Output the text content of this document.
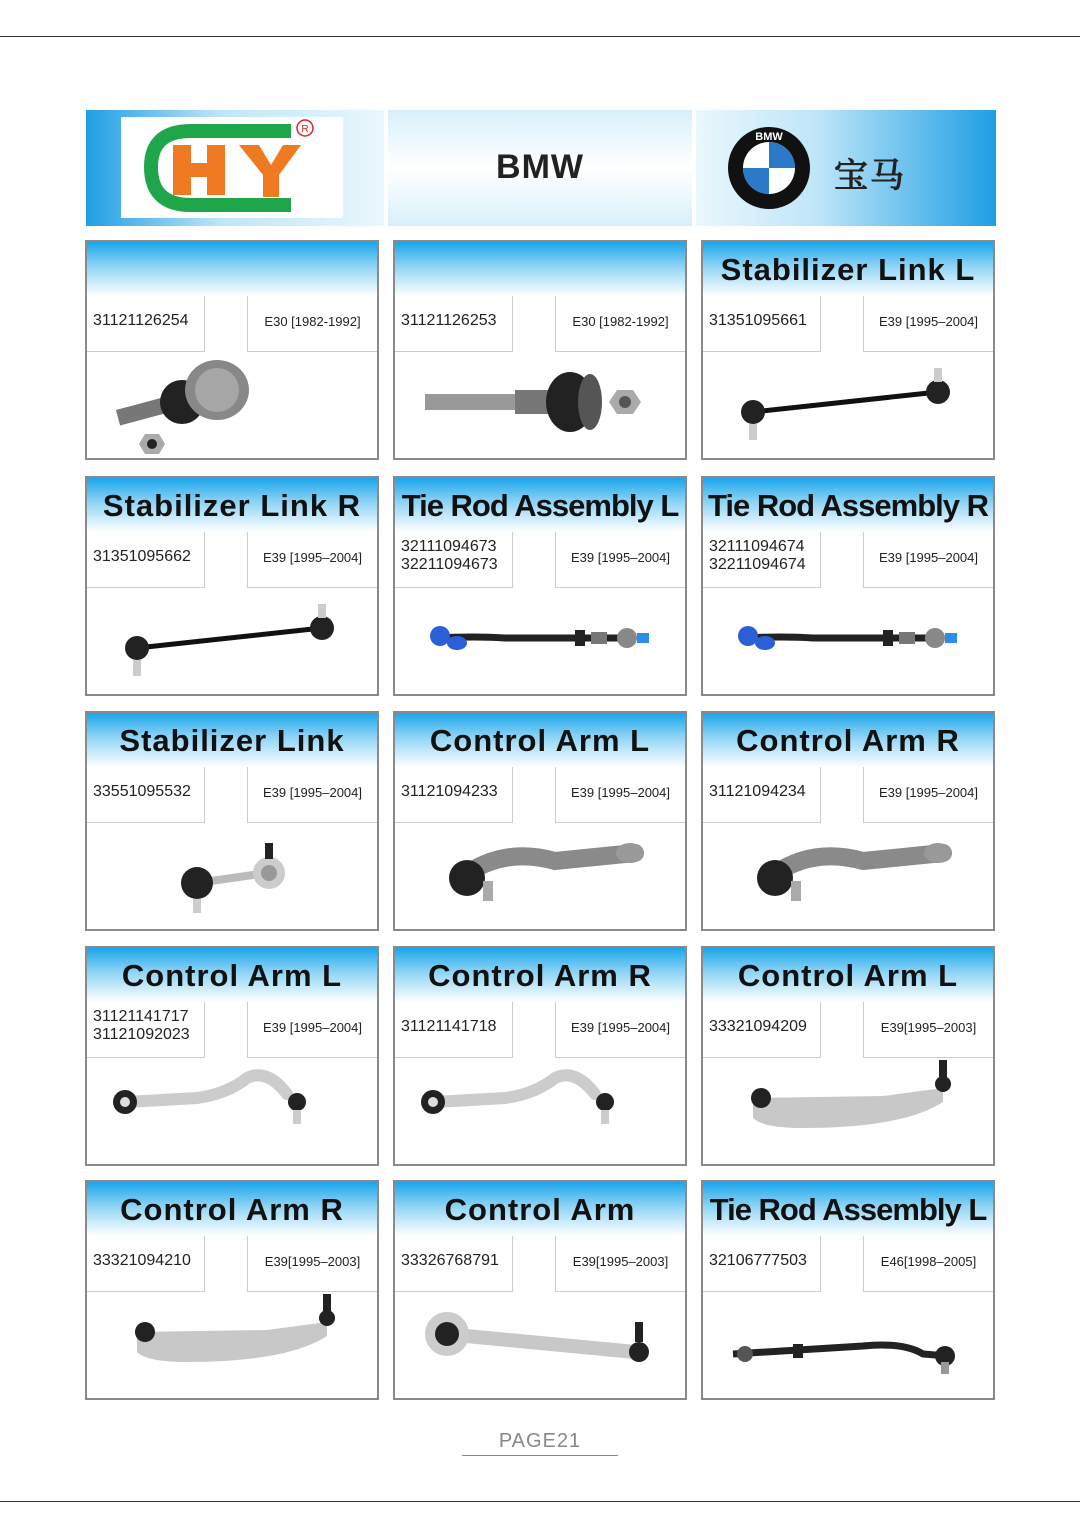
R
BMW
BMW
宝马
31121126254	E30 [1982-1992]	31121126253	E30 [1982-1992]
Stabilizer Link L
31351095661	E39 [1995–2004]
Stabilizer Link R
31351095662	E39 [1995–2004]
Tie Rod Assembly L
32111094673
32211094673	E39 [1995–2004]
Tie Rod Assembly R
32111094674
32211094674	E39 [1995–2004]
Stabilizer Link
33551095532	E39 [1995–2004]
Control Arm L
31121094233	E39 [1995–2004]
Control Arm R
31121094234	E39 [1995–2004]
Control Arm L
31121141717
31121092023	E39 [1995–2004]
Control Arm R
31121141718	E39 [1995–2004]
Control Arm L
33321094209	E39[1995–2003]
Control Arm R
33321094210	E39[1995–2003]
Control Arm
33326768791	E39[1995–2003]
Tie Rod Assembly L
32106777503	E46[1998–2005]
PAGE21
